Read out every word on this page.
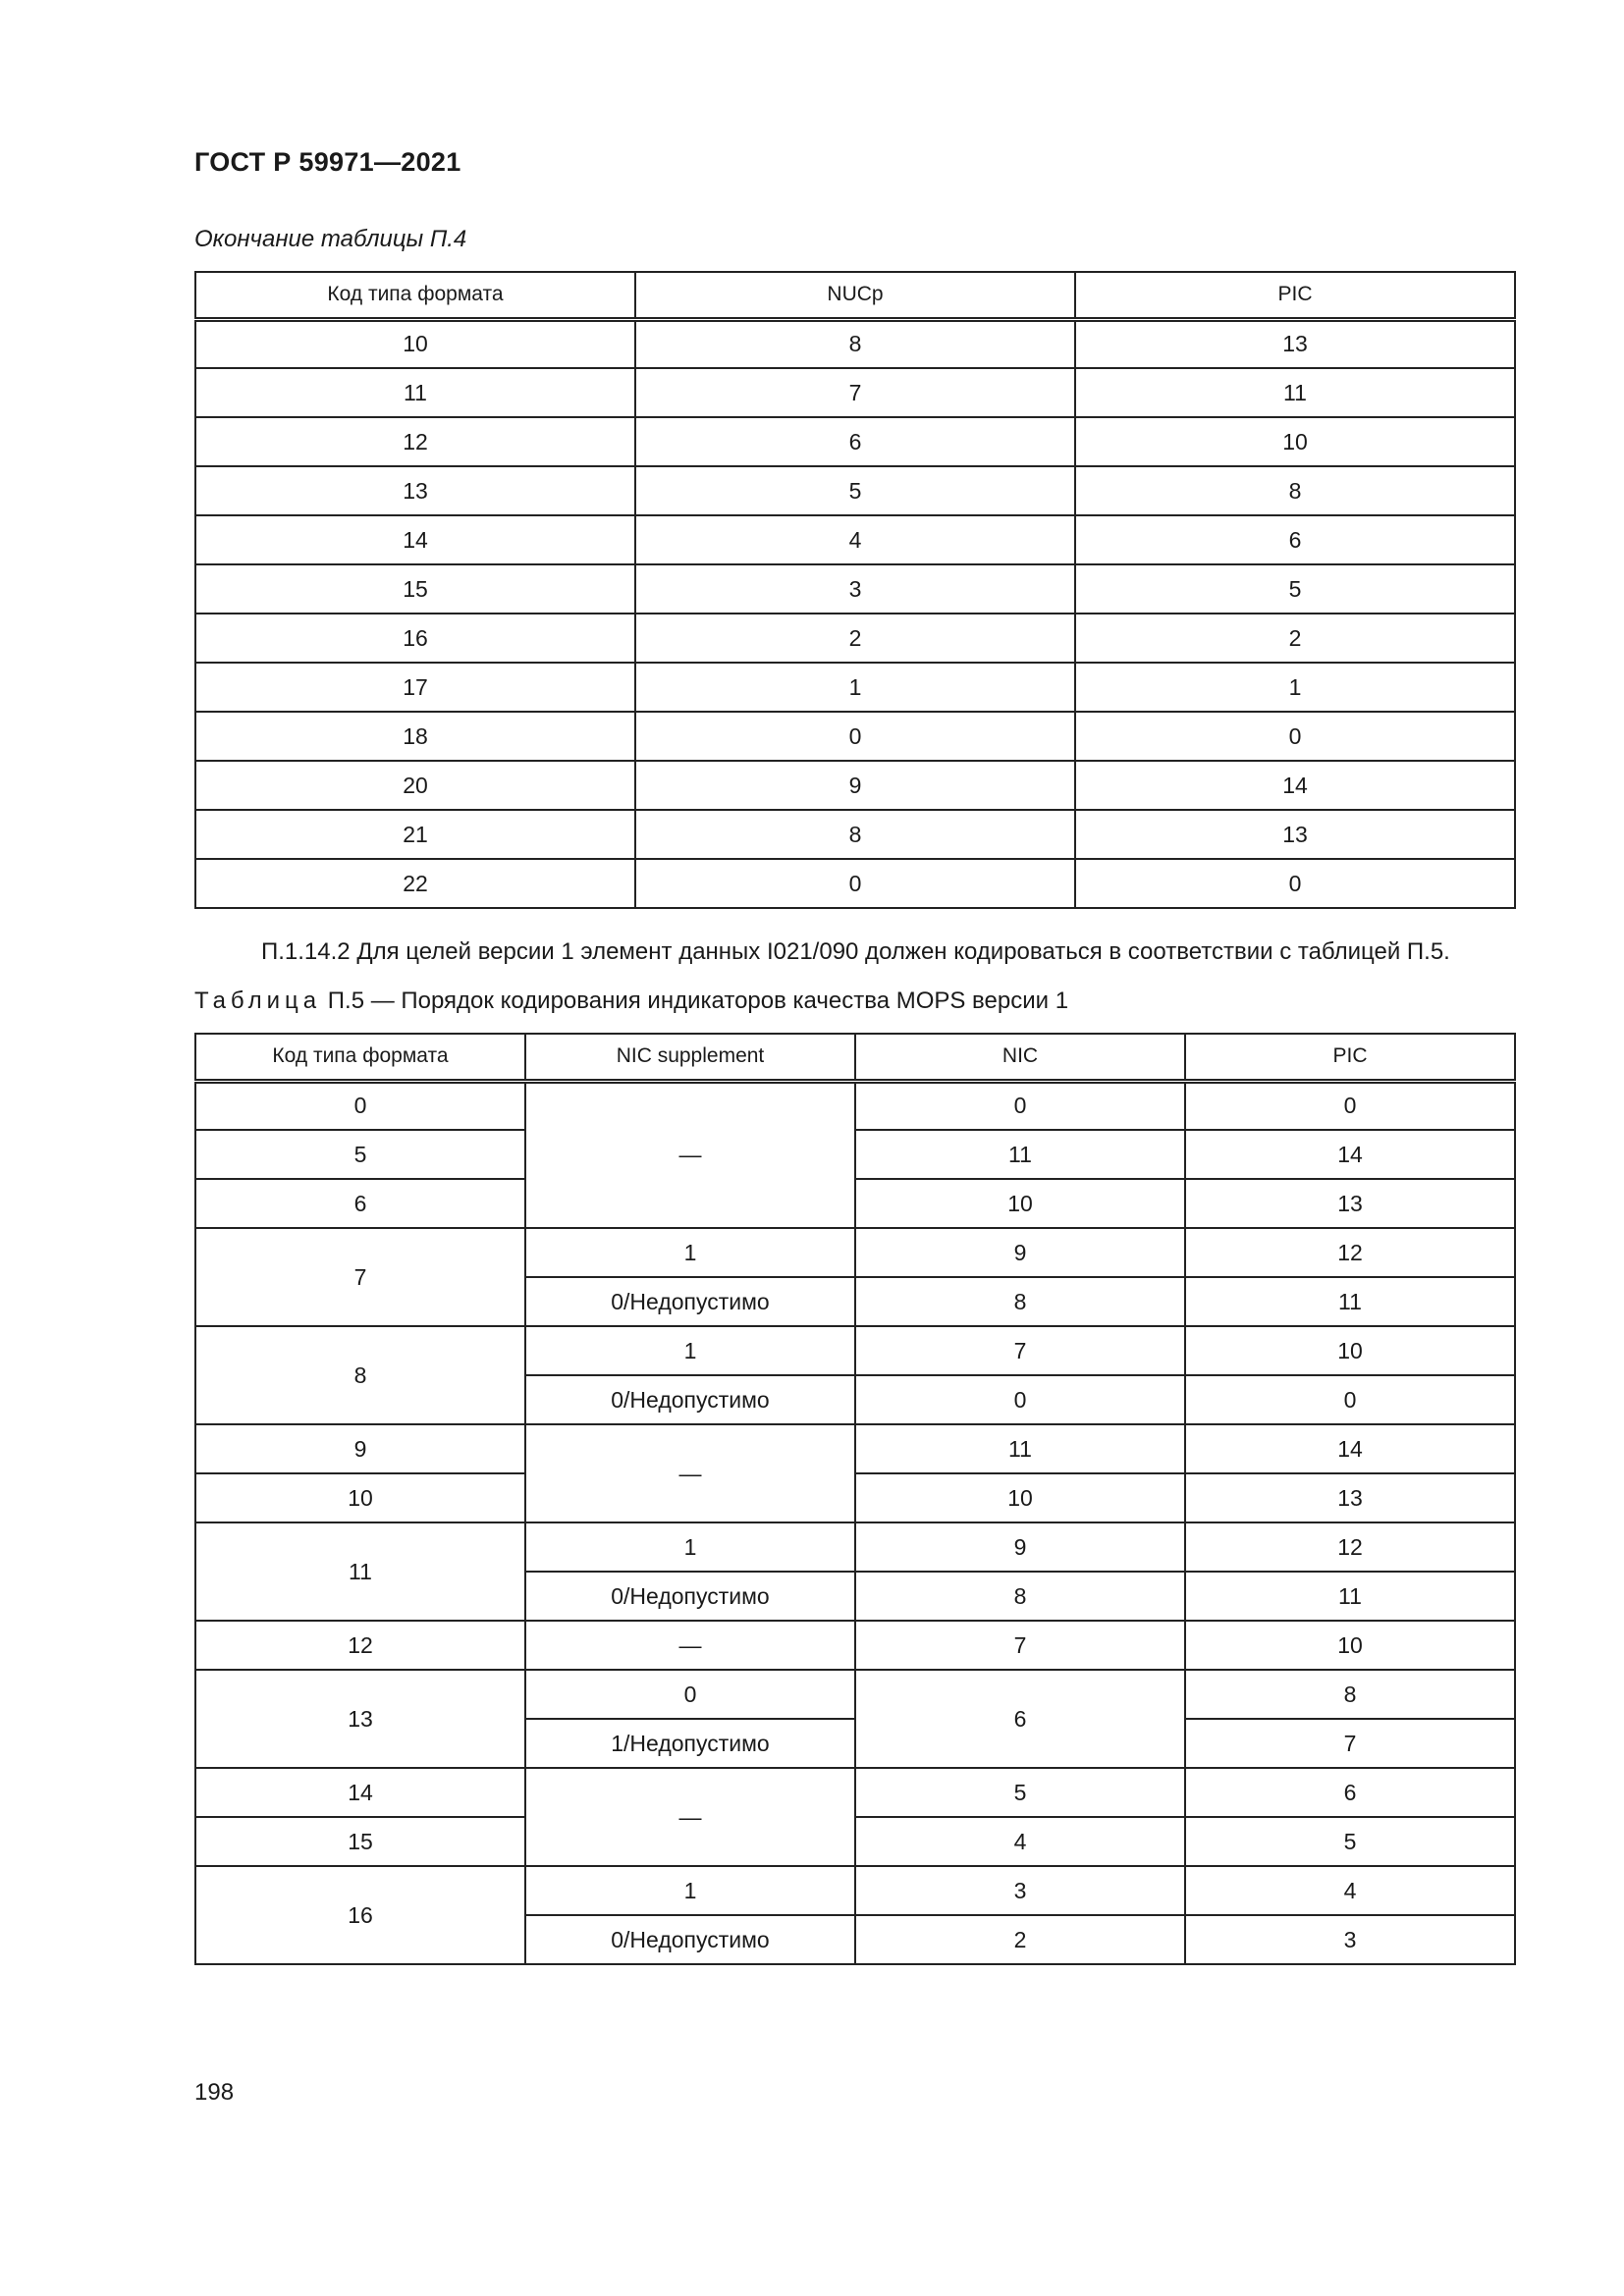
ГОСТ Р 59971—2021
Окончание таблицы П.4
Код типа формата	NUCp	PIC
10	8	13
11	7	11
12	6	10
13	5	8
14	4	6
15	3	5
16	2	2
17	1	1
18	0	0
20	9	14
21	8	13
22	0	0
П.1.14.2 Для целей версии 1 элемент данных I021/090 должен кодироваться в соответствии с таблицей П.5.
Таблица П.5 — Порядок кодирования индикаторов качества MOPS версии 1
Код типа формата	NIC supplement	NIC	PIC
0	—	0	0
5		11	14
6		10	13
7	1	9	12
	0/Недопустимо	8	11
8	1	7	10
	0/Недопустимо	0	0
9	—	11	14
10		10	13
11	1	9	12
	0/Недопустимо	8	11
12	—	7	10
13	0	6	8
	1/Недопустимо		7
14	—	5	6
15		4	5
16	1	3	4
	0/Недопустимо	2	3
198
